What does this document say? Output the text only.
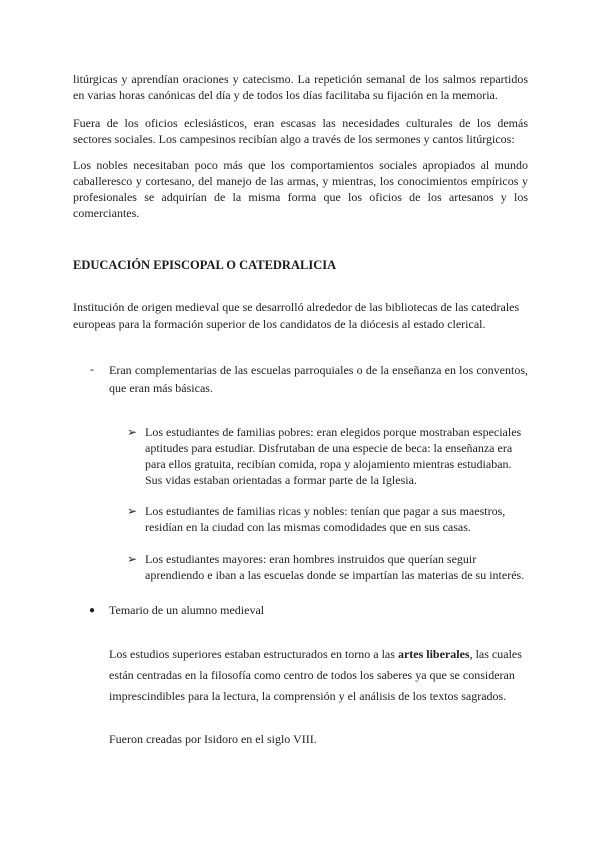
litúrgicas y aprendían oraciones y catecismo. La repetición semanal de los salmos repartidos en varias horas canónicas del día y de todos los días facilitaba su fijación en la memoria.
Fuera de los oficios eclesiásticos, eran escasas las necesidades culturales de los demás sectores sociales. Los campesinos recibían algo a través de los sermones y cantos litúrgicos:
Los nobles necesitaban poco más que los comportamientos sociales apropiados al mundo caballeresco y cortesano, del manejo de las armas, y mientras, los conocimientos empíricos y profesionales se adquirían de la misma forma que los oficios de los artesanos y los comerciantes.
EDUCACIÓN EPISCOPAL O CATEDRALICIA
Institución de origen medieval que se desarrolló alrededor de las bibliotecas de las catedrales europeas para la formación superior de los candidatos de la diócesis al estado clerical.
- Eran complementarias de las escuelas parroquiales o de la enseñanza en los conventos, que eran más básicas.
➢ Los estudiantes de familias pobres: eran elegidos porque mostraban especiales aptitudes para estudiar. Disfrutaban de una especie de beca: la enseñanza era para ellos gratuita, recibían comida, ropa y alojamiento mientras estudiaban. Sus vidas estaban orientadas a formar parte de la Iglesia.
➢ Los estudiantes de familias ricas y nobles: tenían que pagar a sus maestros, residían en la ciudad con las mismas comodidades que en sus casas.
➢ Los estudiantes mayores: eran hombres instruidos que querían seguir aprendiendo e iban a las escuelas donde se impartían las materias de su interés.
● Temario de un alumno medieval
Los estudios superiores estaban estructurados en torno a las artes liberales, las cuales están centradas en la filosofía como centro de todos los saberes ya que se consideran imprescindibles para la lectura, la comprensión y el análisis de los textos sagrados.
Fueron creadas por Isidoro en el siglo VIII.
